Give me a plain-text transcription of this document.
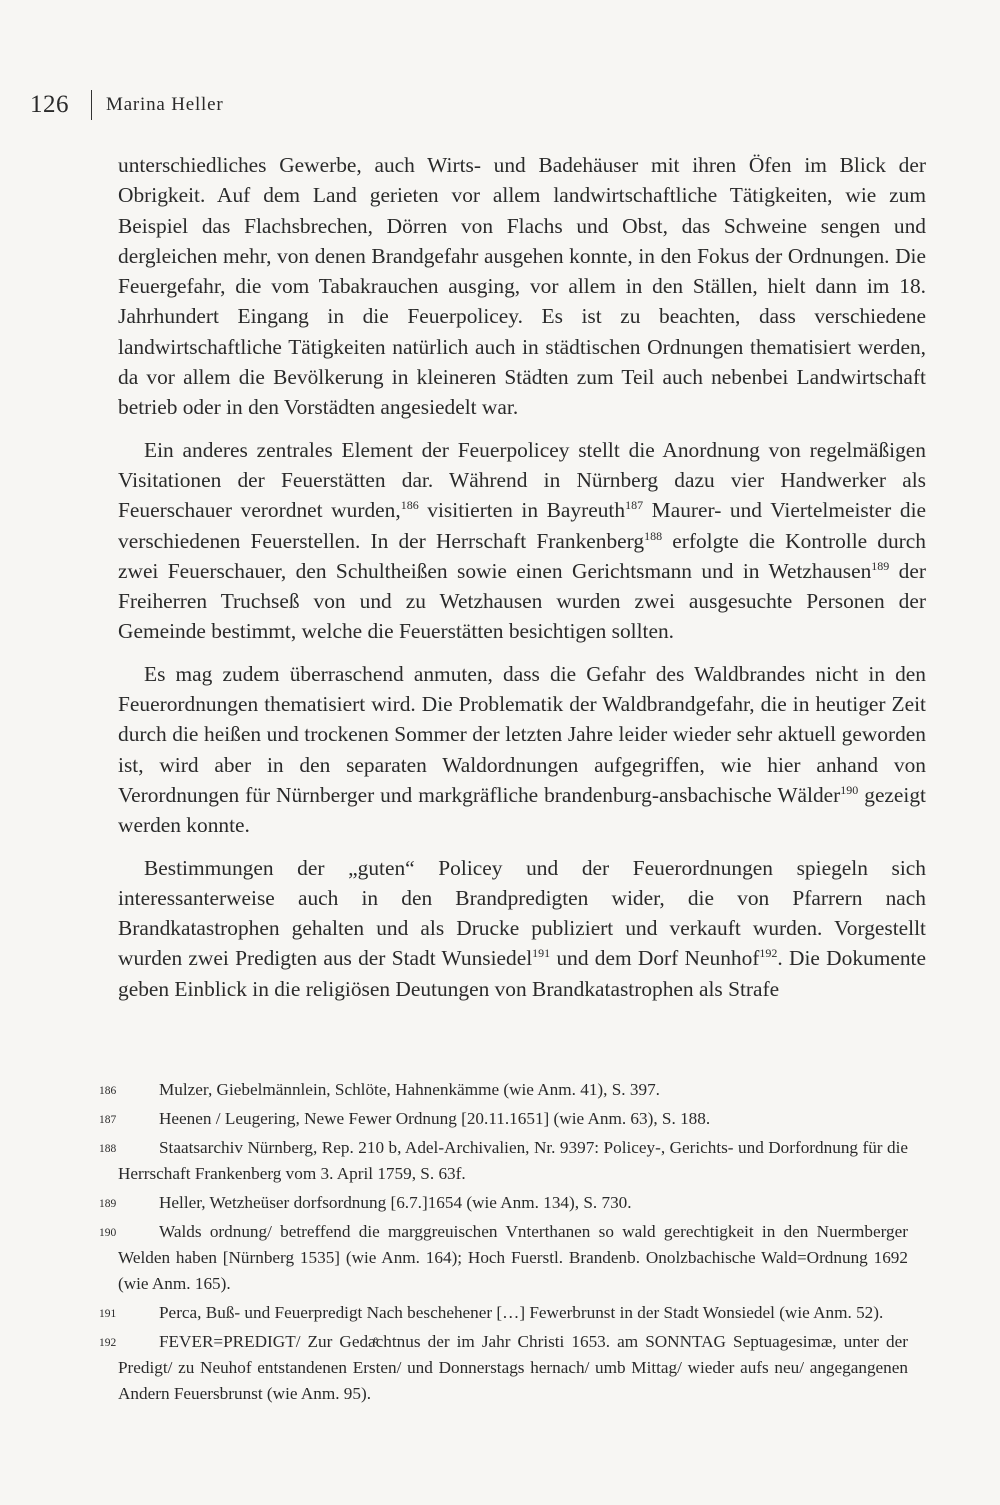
126 Marina Heller

unterschiedliches Gewerbe, auch Wirts- und Badehäuser mit ihren Öfen im Blick der Obrigkeit. Auf dem Land gerieten vor allem landwirtschaftliche Tätigkeiten, wie zum Beispiel das Flachsbrechen, Dörren von Flachs und Obst, das Schweine sengen und dergleichen mehr, von denen Brandgefahr ausgehen konnte, in den Fokus der Ordnungen. Die Feuergefahr, die vom Tabakrauchen ausging, vor allem in den Ställen, hielt dann im 18. Jahrhundert Eingang in die Feuerpolicey. Es ist zu beachten, dass verschiedene landwirtschaftliche Tätigkeiten natürlich auch in städtischen Ordnungen thematisiert werden, da vor allem die Bevölkerung in kleineren Städten zum Teil auch nebenbei Landwirtschaft betrieb oder in den Vorstädten angesiedelt war.

Ein anderes zentrales Element der Feuerpolicey stellt die Anordnung von regelmäßigen Visitationen der Feuerstätten dar. Während in Nürnberg dazu vier Handwerker als Feuerschauer verordnet wurden,$^{186}$ visitierten in Bayreuth$^{187}$ Maurer- und Viertelmeister die verschiedenen Feuerstellen. In der Herrschaft Frankenberg$^{188}$ erfolgte die Kontrolle durch zwei Feuerschauer, den Schultheißen sowie einen Gerichtsmann und in Wetzhausen$^{189}$ der Freiherren Truchseß von und zu Wetzhausen wurden zwei ausgesuchte Personen der Gemeinde bestimmt, welche die Feuerstätten besichtigen sollten.

Es mag zudem überraschend anmuten, dass die Gefahr des Waldbrandes nicht in den Feuerordnungen thematisiert wird. Die Problematik der Waldbrandgefahr, die in heutiger Zeit durch die heißen und trockenen Sommer der letzten Jahre leider wieder sehr aktuell geworden ist, wird aber in den separaten Waldordnungen aufgegriffen, wie hier anhand von Verordnungen für Nürnberger und markgräfliche brandenburg-ansbachische Wälder$^{190}$ gezeigt werden konnte.

Bestimmungen der „guten“ Policey und der Feuerordnungen spiegeln sich interessanterweise auch in den Brandpredigten wider, die von Pfarrern nach Brandkatastrophen gehalten und als Drucke publiziert und verkauft wurden. Vorgestellt wurden zwei Predigten aus der Stadt Wunsiedel$^{191}$ und dem Dorf Neunhof$^{192}$. Die Dokumente geben Einblick in die religiösen Deutungen von Brandkatastrophen als Strafe

186 Mulzer, Giebelmännlein, Schlöte, Hahnenkämme (wie Anm. 41), S. 397.

187 Heenen / Leugering, Newe Fewer Ordnung [20.11.1651] (wie Anm. 63), S. 188.

188 Staatsarchiv Nürnberg, Rep. 210 b, Adel-Archivalien, Nr. 9397: Policey-, Gerichts- und Dorfordnung für die Herrschaft Frankenberg vom 3. April 1759, S. 63f.

189 Heller, Wetzheüser dorfsordnung [6.7.]1654 (wie Anm. 134), S. 730.

190 Walds ordnung/ betreffend die marggreuischen Vnterthanen so wald gerechtigkeit in den Nuermberger Welden haben [Nürnberg 1535] (wie Anm. 164); Hoch Fuerstl. Brandenb. Onolzbachische Wald=Ordnung 1692 (wie Anm. 165).

191 Perca, Buß- und Feuerpredigt Nach beschehener […] Fewerbrunst in der Stadt Wonsiedel (wie Anm. 52).

192 FEVER=PREDIGT/ Zur Gedaͤchtnus der im Jahr Christi 1653. am SONNTAG Septuagesimæ, unter der Predigt/ zu Neuhof entstandenen Ersten/ und Donnerstags hernach/ umb Mittag/ wieder aufs neu/ angegangenen Andern Feuersbrunst (wie Anm. 95).
